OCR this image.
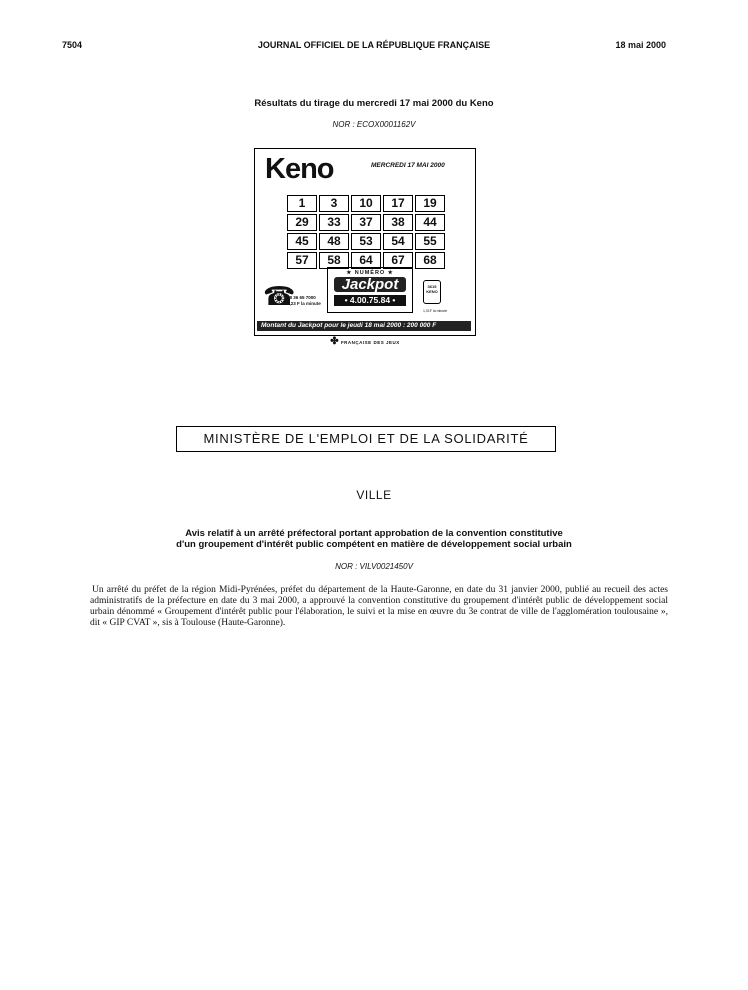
7504	JOURNAL OFFICIEL DE LA RÉPUBLIQUE FRANÇAISE	18 mai 2000
Résultats du tirage du mercredi 17 mai 2000 du Keno
NOR : ECOX0001162V
Keno	MERCREDI 17 MAI 2000
1	3	10	17	19
29	33	37	38	44
45	48	53	54	55
57	58	64	67	68
☎
08 36 65 7000
2,23 F la minute
★ NUMÉRO ★
Jackpot
• 4.00.75.84 •
3615 KENO
1,01F la minute
Montant du Jackpot pour le jeudi 18 mai 2000 : 200 000 F
✤ FRANÇAISE DES JEUX
MINISTÈRE DE L'EMPLOI ET DE LA SOLIDARITÉ
VILLE
Avis relatif à un arrêté préfectoral portant approbation de la convention constitutive
d'un groupement d'intérêt public compétent en matière de développement social urbain
NOR : VILV0021450V
Un arrêté du préfet de la région Midi-Pyrénées, préfet du département de la Haute-Garonne, en date du 31 janvier 2000, publié au recueil des actes administratifs de la préfecture en date du 3 mai 2000, a approuvé la convention constitutive du groupement d'intérêt public de développement social urbain dénommé « Groupement d'intérêt public pour l'élaboration, le suivi et la mise en œuvre du 3e contrat de ville de l'agglomération toulousaine », dit « GIP CVAT », sis à Toulouse (Haute-Garonne).
